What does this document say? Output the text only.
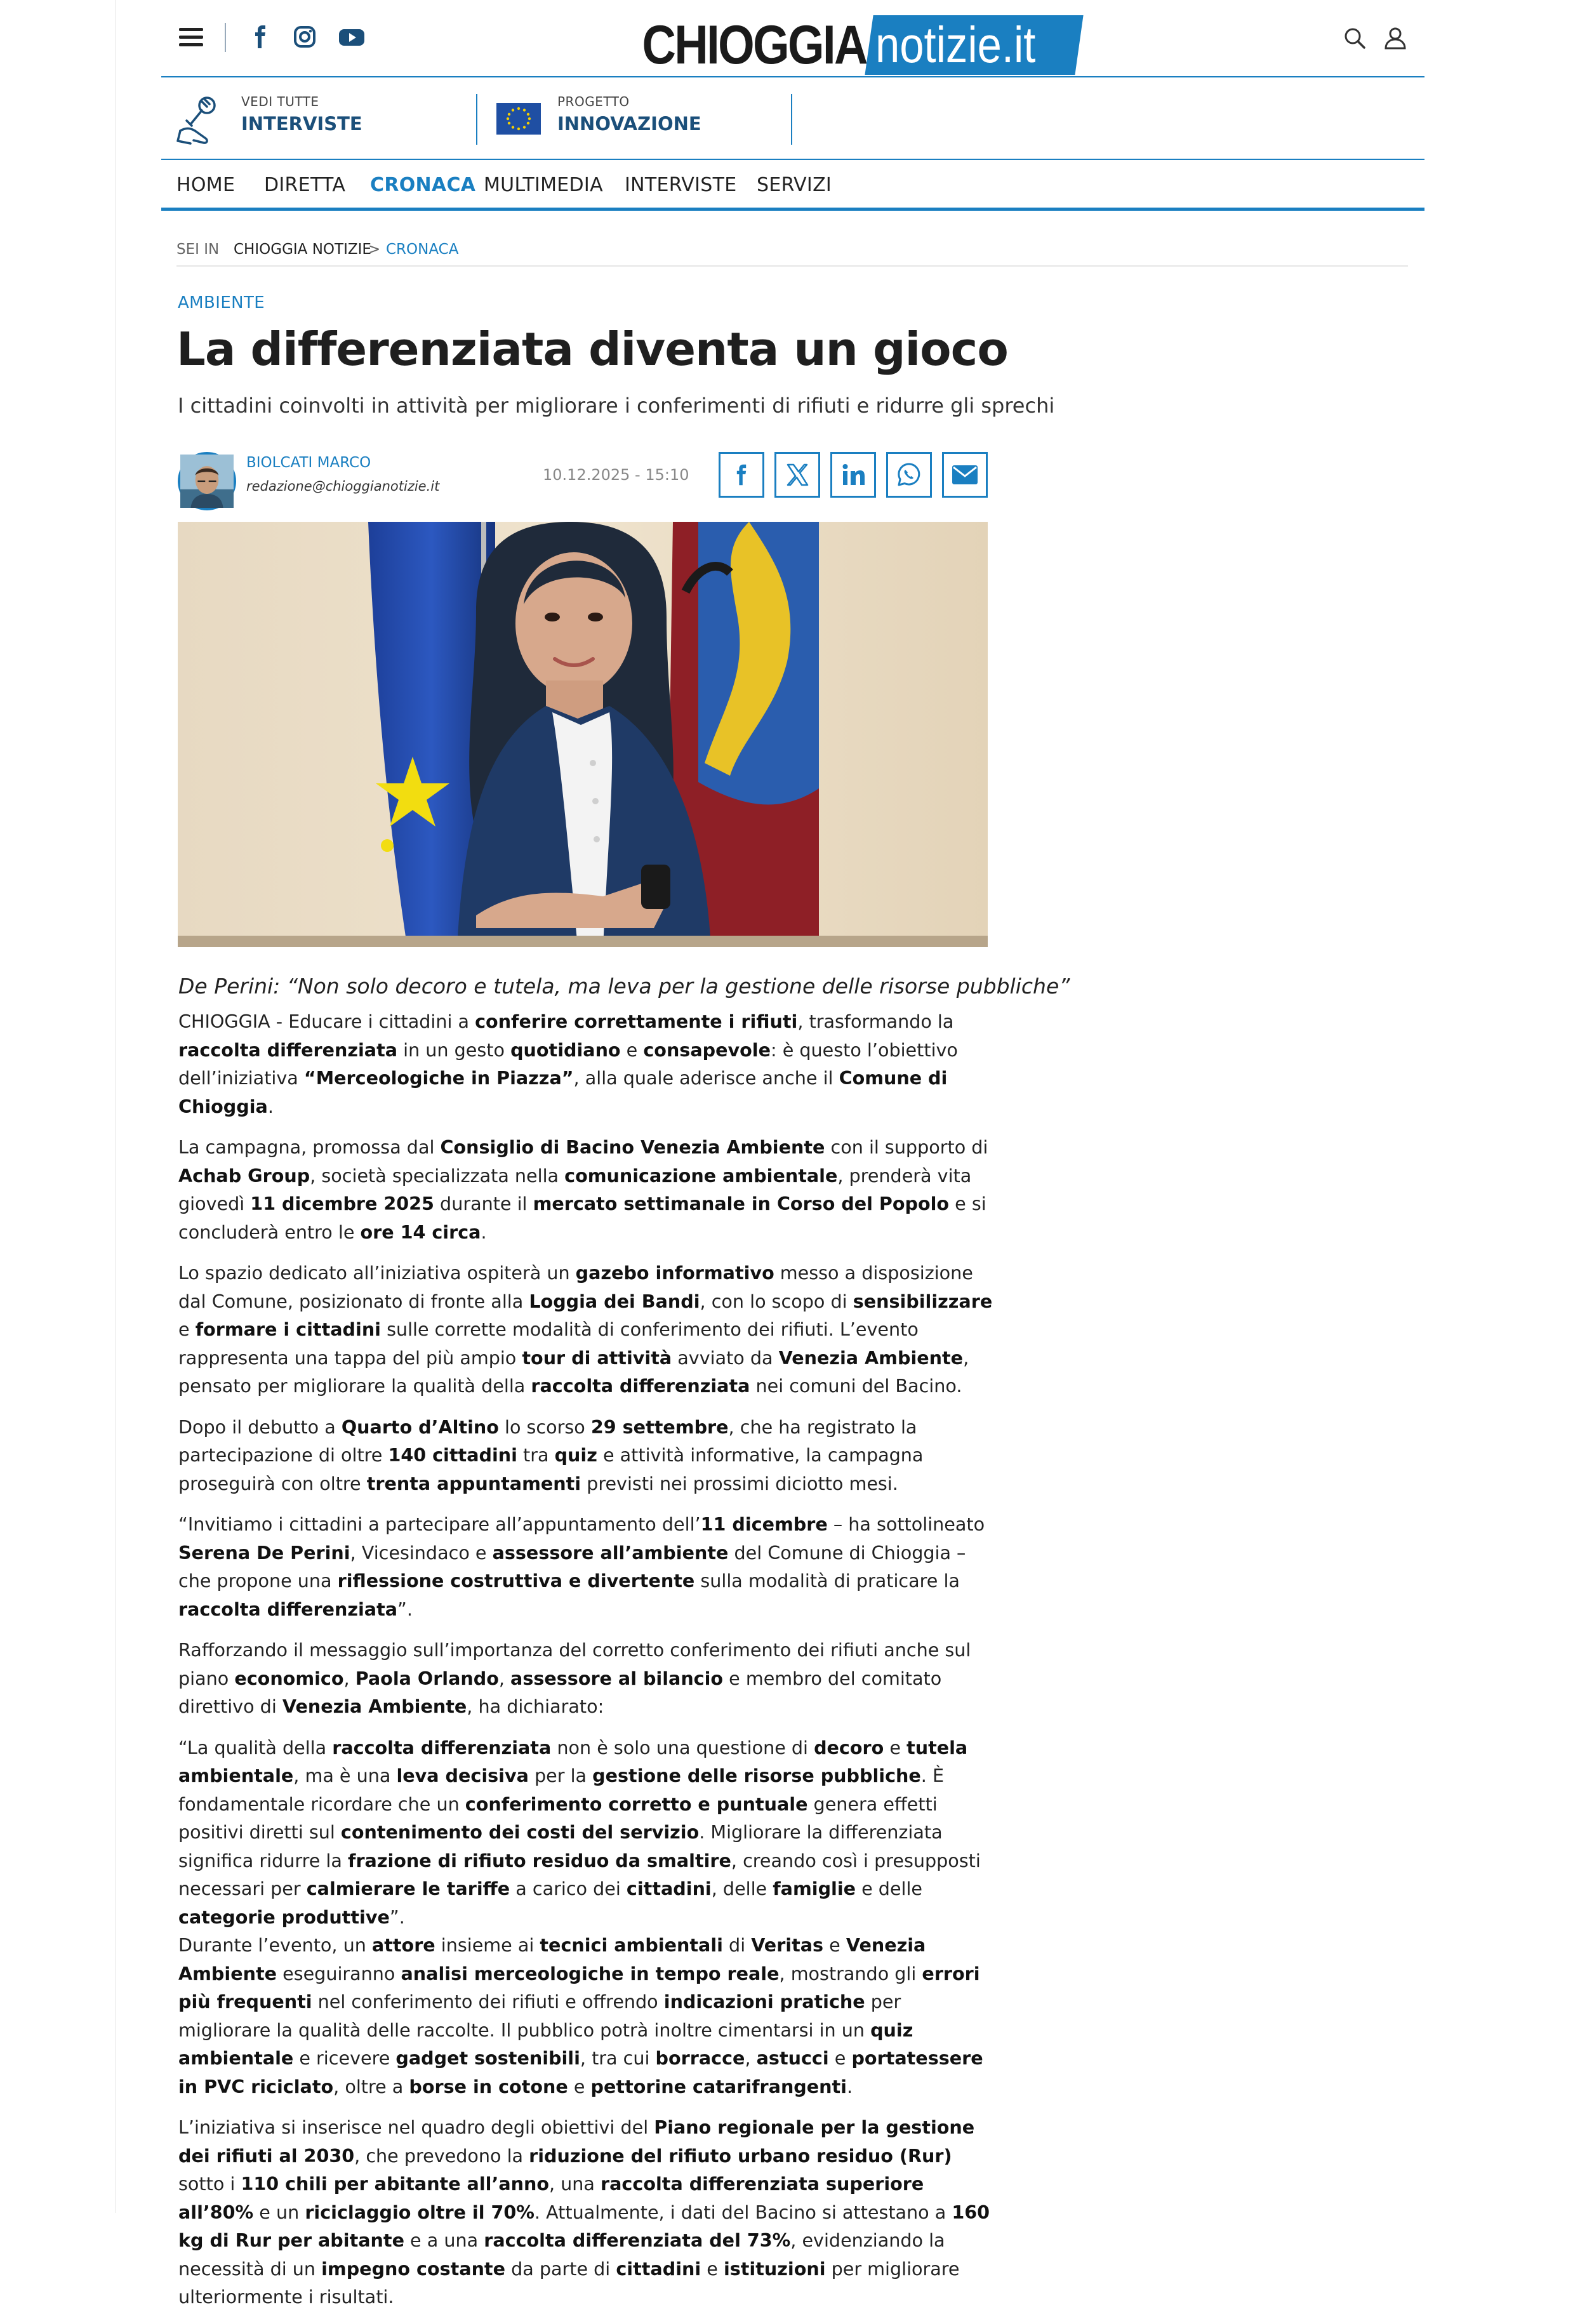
CHIOGGIA notizie.it
VEDI TUTTE
INTERVISTE
PROGETTO
INNOVAZIONE
HOME DIRETTA CRONACA MULTIMEDIA INTERVISTE SERVIZI
SEI IN CHIOGGIA NOTIZIE
> CRONACA
AMBIENTE
La differenziata diventa un gioco
I cittadini coinvolti in attività per migliorare i conferimenti di rifiuti e ridurre gli sprechi
BIOLCATI MARCO
redazione@chioggianotizie.it
10.12.2025 - 15:10
De Perini: “Non solo decoro e tutela, ma leva per la gestione delle risorse pubbliche”

CHIOGGIA - Educare i cittadini a conferire correttamente i rifiuti, trasformando la raccolta differenziata in un gesto quotidiano e consapevole: è questo l’obiettivo dell’iniziativa “Merceologiche in Piazza”, alla quale aderisce anche il Comune di Chioggia.

La campagna, promossa dal Consiglio di Bacino Venezia Ambiente con il supporto di Achab Group, società specializzata nella comunicazione ambientale, prenderà vita giovedì 11 dicembre 2025 durante il mercato settimanale in Corso del Popolo e si concluderà entro le ore 14 circa.

Lo spazio dedicato all’iniziativa ospiterà un gazebo informativo messo a disposizione dal Comune, posizionato di fronte alla Loggia dei Bandi, con lo scopo di sensibilizzare e formare i cittadini sulle corrette modalità di conferimento dei rifiuti. L’evento rappresenta una tappa del più ampio tour di attività avviato da Venezia Ambiente, pensato per migliorare la qualità della raccolta differenziata nei comuni del Bacino.

Dopo il debutto a Quarto d’Altino lo scorso 29 settembre, che ha registrato la partecipazione di oltre 140 cittadini tra quiz e attività informative, la campagna proseguirà con oltre trenta appuntamenti previsti nei prossimi diciotto mesi.

“Invitiamo i cittadini a partecipare all’appuntamento dell’11 dicembre – ha sottolineato Serena De Perini, Vicesindaco e assessore all’ambiente del Comune di Chioggia – che propone una riflessione costruttiva e divertente sulla modalità di praticare la raccolta differenziata”.

Rafforzando il messaggio sull’importanza del corretto conferimento dei rifiuti anche sul piano economico, Paola Orlando, assessore al bilancio e membro del comitato direttivo di Venezia Ambiente, ha dichiarato:

“La qualità della raccolta differenziata non è solo una questione di decoro e tutela ambientale, ma è una leva decisiva per la gestione delle risorse pubbliche. È fondamentale ricordare che un conferimento corretto e puntuale genera effetti positivi diretti sul contenimento dei costi del servizio. Migliorare la differenziata significa ridurre la frazione di rifiuto residuo da smaltire, creando così i presupposti necessari per calmierare le tariffe a carico dei cittadini, delle famiglie e delle categorie produttive”.

Durante l’evento, un attore insieme ai tecnici ambientali di Veritas e Venezia Ambiente eseguiranno analisi merceologiche in tempo reale, mostrando gli errori più frequenti nel conferimento dei rifiuti e offrendo indicazioni pratiche per migliorare la qualità delle raccolte. Il pubblico potrà inoltre cimentarsi in un quiz ambientale e ricevere gadget sostenibili, tra cui borracce, astucci e portatessere in PVC riciclato, oltre a borse in cotone e pettorine catarifrangenti.

L’iniziativa si inserisce nel quadro degli obiettivi del Piano regionale per la gestione dei rifiuti al 2030, che prevedono la riduzione del rifiuto urbano residuo (Rur) sotto i 110 chili per abitante all’anno, una raccolta differenziata superiore all’80% e un riciclaggio oltre il 70%. Attualmente, i dati del Bacino si attestano a 160 kg di Rur per abitante e a una raccolta differenziata del 73%, evidenziando la necessità di un impegno costante da parte di cittadini e istituzioni per migliorare ulteriormente i risultati.
